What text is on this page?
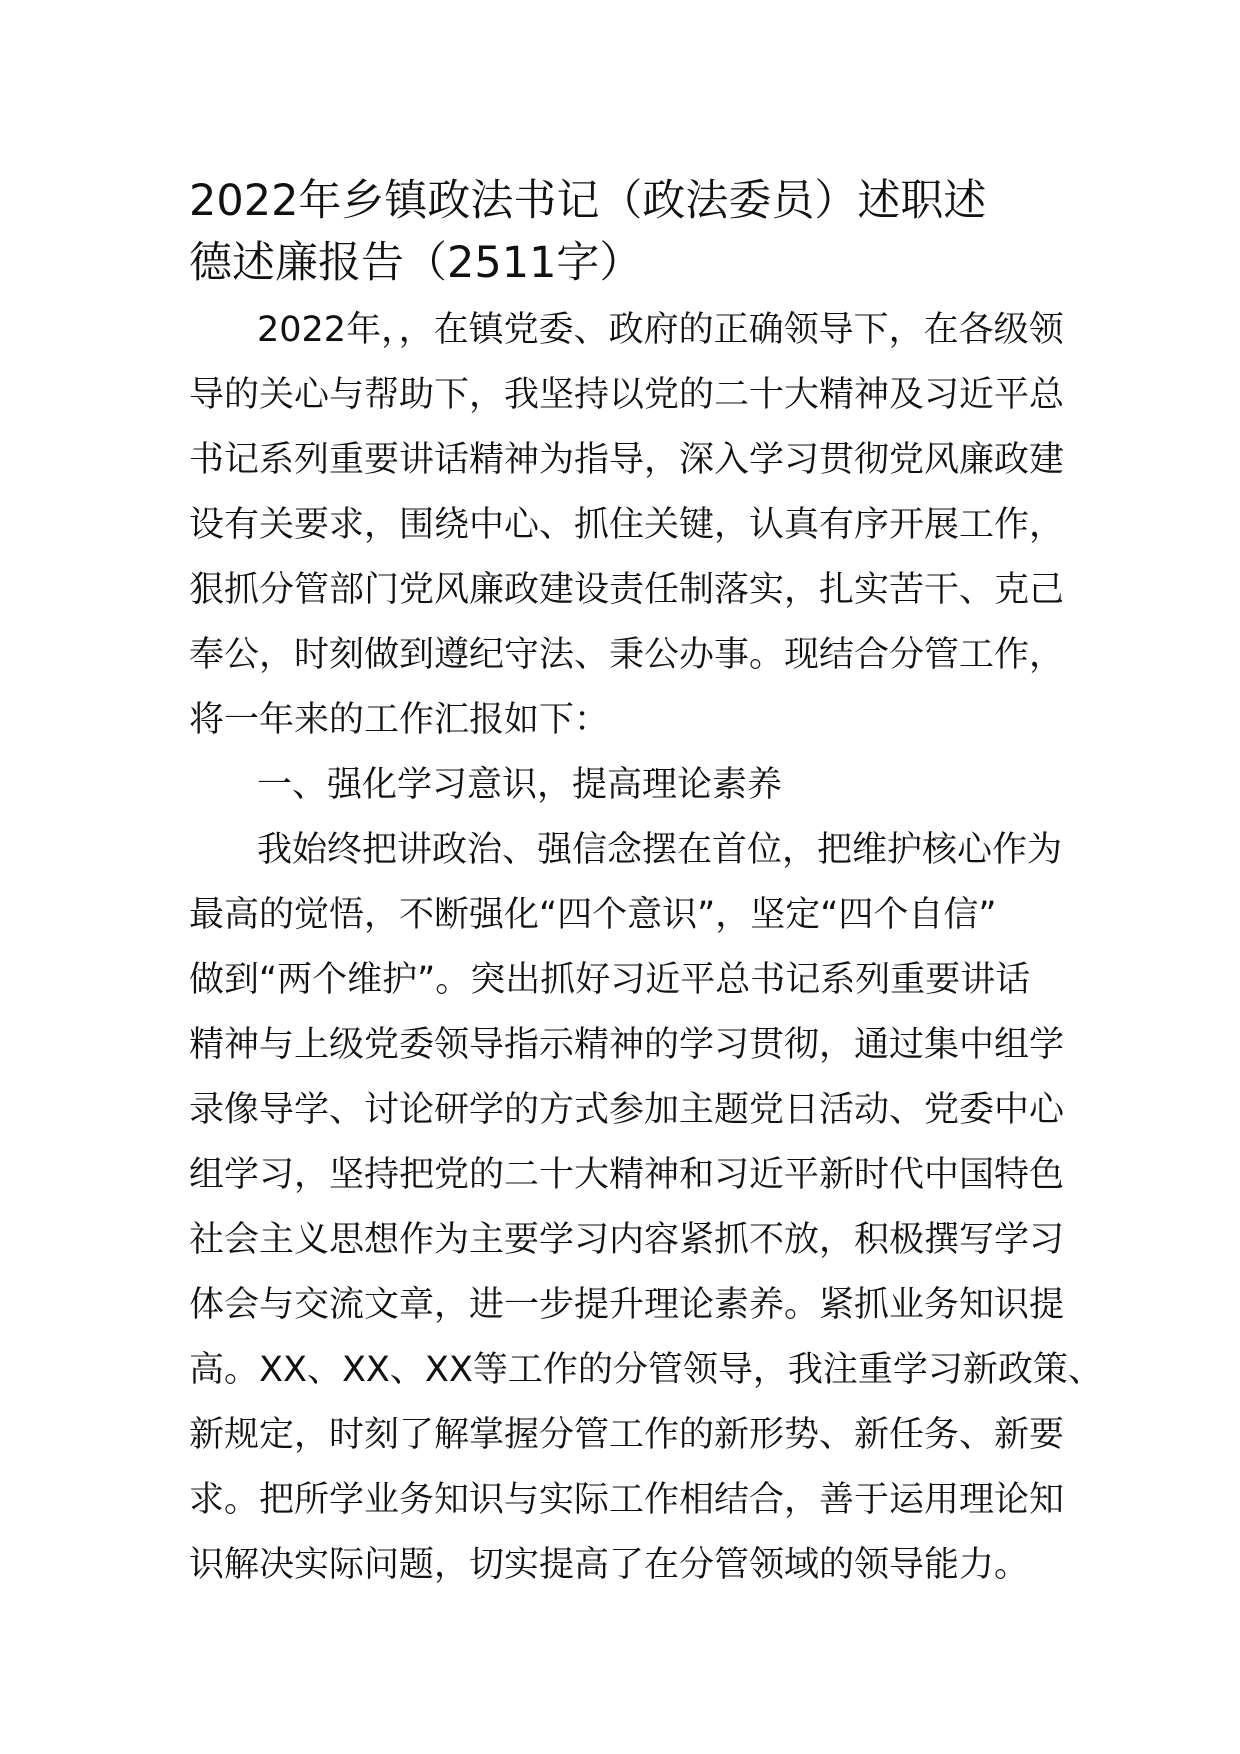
2022年乡镇政法书记（政法委员）述职述
德述廉报告（2511字）
2022年，，在镇党委、政府的正确领导下，在各级领
导的关心与帮助下，我坚持以党的二十大精神及习近平总
书记系列重要讲话精神为指导，深入学习贯彻党风廉政建
设有关要求，围绕中心、抓住关键，认真有序开展工作，
狠抓分管部门党风廉政建设责任制落实，扎实苦干、克己
奉公，时刻做到遵纪守法、秉公办事。现结合分管工作，
将一年来的工作汇报如下：
一、强化学习意识，提高理论素养
我始终把讲政治、强信念摆在首位，把维护核心作为
最高的觉悟，不断强化“四个意识”，坚定“四个自信”
做到“两个维护”。突出抓好习近平总书记系列重要讲话
精神与上级党委领导指示精神的学习贯彻，通过集中组学
录像导学、讨论研学的方式参加主题党日活动、党委中心
组学习，坚持把党的二十大精神和习近平新时代中国特色
社会主义思想作为主要学习内容紧抓不放，积极撰写学习
体会与交流文章，进一步提升理论素养。紧抓业务知识提
高。XX、XX、XX等工作的分管领导，我注重学习新政策、
新规定，时刻了解掌握分管工作的新形势、新任务、新要
求。把所学业务知识与实际工作相结合，善于运用理论知
识解决实际问题，切实提高了在分管领域的领导能力。
